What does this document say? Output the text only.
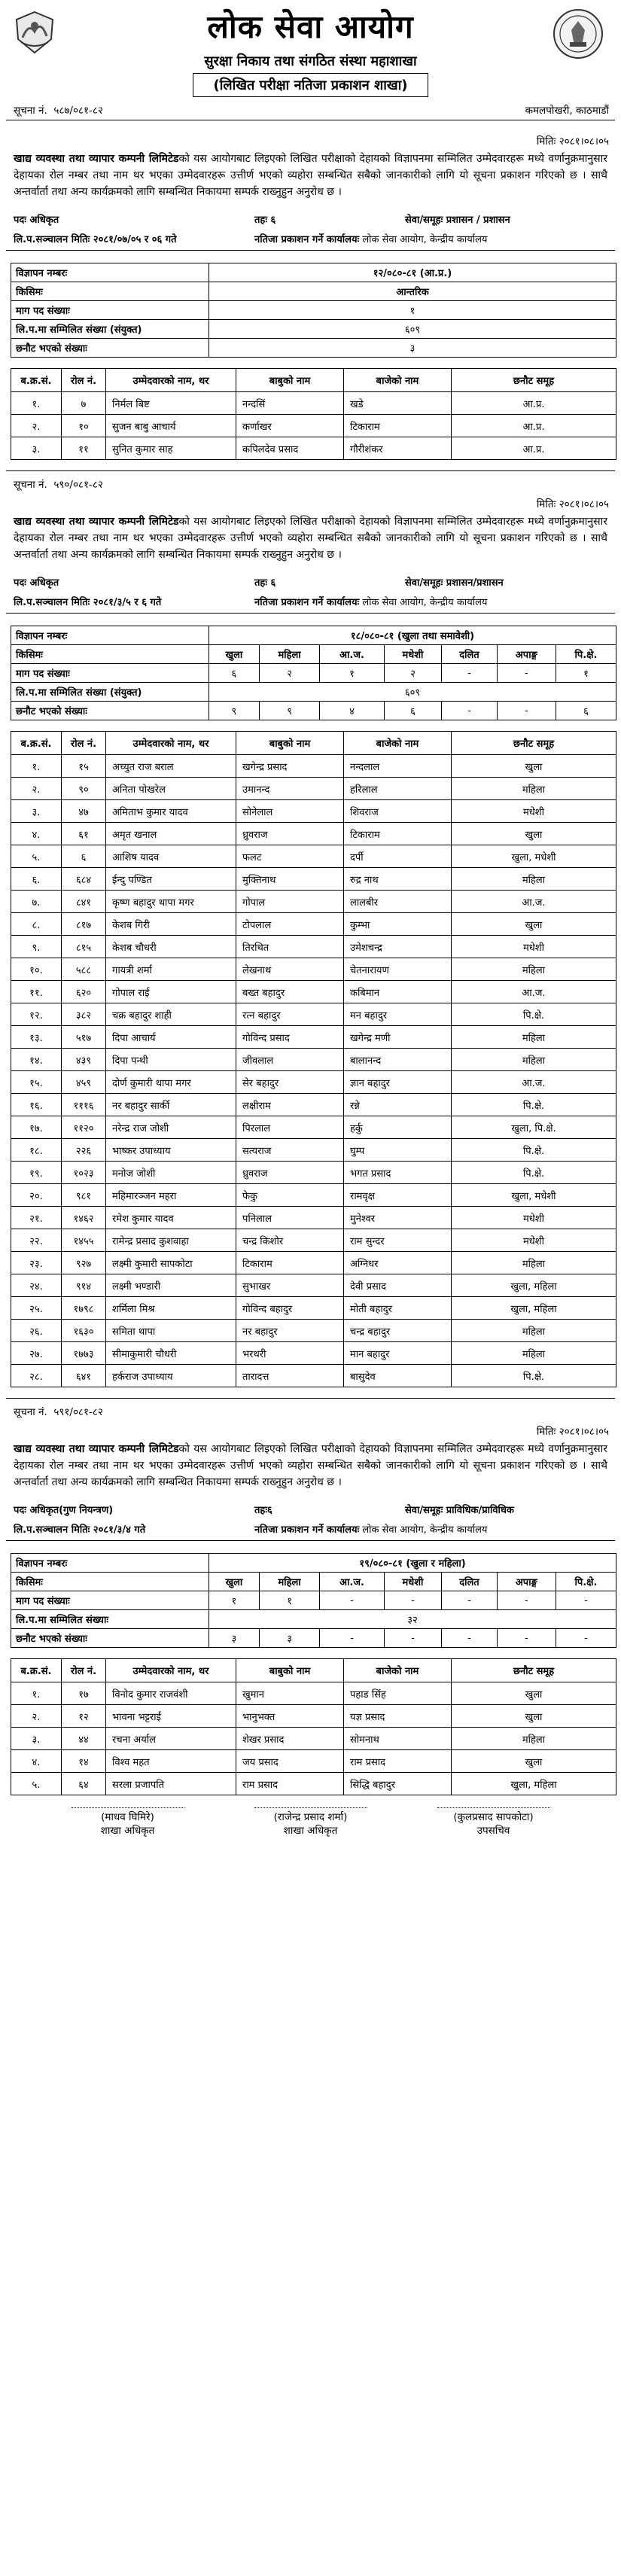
लोक सेवा आयोग
सुरक्षा निकाय तथा संगठित संस्था महाशाखा
(लिखित परीक्षा नतिजा प्रकाशन शाखा)
सूचना नं. ५८७/०८१-८२	कमलपोखरी, काठमाडौं
मितिः २०८१।०८।०५
खाद्य व्यवस्था तथा व्यापार कम्पनी लिमिटेडको यस आयोगबाट लिइएको लिखित परीक्षाको देहायको विज्ञापनमा सम्मिलित उम्मेदवारहरू मध्ये वर्णानुक्रमानुसार देहायका रोल नम्बर तथा नाम थर भएका उम्मेदवारहरू उत्तीर्ण भएको व्यहोरा सम्बन्धित सबैको जानकारीको लागि यो सूचना प्रकाशन गरिएको छ । साथै अन्तर्वार्ता तथा अन्य कार्यक्रमको लागि सम्बन्धित निकायमा सम्पर्क राख्नुहुन अनुरोध छ ।
पदः अधिकृत	तहः ६	सेवा/समूहः प्रशासन / प्रशासन
लि.प.सञ्चालन मितिः २०८१/०७/०५ र ०६ गते	नतिजा प्रकाशन गर्ने कार्यालयः लोक सेवा आयोग, केन्द्रीय कार्यालय
विज्ञापन नम्बरः	१२/०८०-८१ (आ.प्र.)
किसिमः	आन्तरिक
माग पद संख्याः	१
लि.प.मा सम्मिलित संख्या (संयुक्त)	६०९
छनौट भएको संख्याः	३
ब.क्र.सं.	रोल नं.	उम्मेदवारको नाम, थर	बाबुको नाम	बाजेको नाम	छनौट समूह
१.	७	निर्मल बिष्ट	नन्दसिं	खडे	आ.प्र.
२.	१०	सुजन बाबु आचार्य	कर्णाखर	टिकाराम	आ.प्र.
३.	११	सुनित कुमार साह	कपिलदेव प्रसाद	गौरीशंकर	आ.प्र.
सूचना नं. ५९०/०८१-८२
मितिः २०८१।०८।०५
खाद्य व्यवस्था तथा व्यापार कम्पनी लिमिटेडको यस आयोगबाट लिइएको लिखित परीक्षाको देहायको विज्ञापनमा सम्मिलित उम्मेदवारहरू मध्ये वर्णानुक्रमानुसार देहायका रोल नम्बर तथा नाम थर भएका उम्मेदवारहरू उत्तीर्ण भएको व्यहोरा सम्बन्धित सबैको जानकारीको लागि यो सूचना प्रकाशन गरिएको छ । साथै अन्तर्वार्ता तथा अन्य कार्यक्रमको लागि सम्बन्धित निकायमा सम्पर्क राख्नुहुन अनुरोध छ ।
पदः अधिकृत	तहः ६	सेवा/समूहः प्रशासन/प्रशासन
लि.प.सञ्चालन मितिः २०८१/३/५ र ६ गते	नतिजा प्रकाशन गर्ने कार्यालयः लोक सेवा आयोग, केन्द्रीय कार्यालय
विज्ञापन नम्बरः	१८/०८०-८१ (खुला तथा समावेशी)						
किसिमः	खुला	महिला	आ.ज.	मधेशी	दलित	अपाङ्ग	पि.क्षे.
माग पद संख्याः	६	२	१	२	-	-	१
लि.प.मा सम्मिलित संख्या (संयुक्त)	६०९						
छनौट भएको संख्याः	९	९	४	६	-	-	६
ब.क्र.सं.	रोल नं.	उम्मेदवारको नाम, थर	बाबुको नाम	बाजेको नाम	छनौट समूह
१.	१५	अच्युत राज बराल	खगेन्द्र प्रसाद	नन्दलाल	खुला
२.	९०	अनिता पोखरेल	उमानन्द	हरिलाल	महिला
३.	४७	अमिताभ कुमार यादव	सोनेलाल	शिवराज	मधेशी
४.	६१	अमृत खनाल	ध्रुवराज	टिकाराम	खुला
५.	६	आशिष यादव	फलट	दर्पी	खुला, मधेशी
६.	६८४	ईन्दु पण्डित	मुक्तिनाथ	रुद्र नाथ	महिला
७.	८४१	कृष्ण बहादुर थापा मगर	गोपाल	लालबीर	आ.ज.
८.	८१७	केशब गिरी	टोपलाल	कुम्भा	खुला
९.	८१५	केशब चौधरी	तिरथित	उमेशचन्द्र	मधेशी
१०.	५८८	गायत्री शर्मा	लेखनाथ	चेतनारायण	महिला
११.	६२०	गोपाल राई	बख्त बहादुर	कबिमान	आ.ज.
१२.	३८२	चक्र बहादुर शाही	रत्न बहादुर	मन बहादुर	पि.क्षे.
१३.	५१७	दिपा आचार्य	गोविन्द प्रसाद	खगेन्द्र मणी	महिला
१४.	४३९	दिपा पन्थी	जीवलाल	बालानन्द	महिला
१५.	४५९	दोर्ण कुमारी थापा मगर	सेर बहादुर	ज्ञान बहादुर	आ.ज.
१६.	१११६	नर बहादुर सार्की	लक्षीराम	रन्ने	पि.क्षे.
१७.	११२०	नरेन्द्र राज जोशी	पिरलाल	हर्कु	खुला, पि.क्षे.
१८.	२२६	भाष्कर उपाध्याय	सत्यराज	घुम्प	पि.क्षे.
१९.	१०२३	मनोज जोशी	ध्रुवराज	भगत प्रसाद	पि.क्षे.
२०.	९८१	महिमारञ्जन महरा	फेकु	रामवृक्ष	खुला, मधेशी
२१.	१४६२	रमेश कुमार यादव	पनिलाल	मुनेश्वर	मधेशी
२२.	१४५५	रामेन्द्र प्रसाद कुशवाहा	चन्द्र किशोर	राम सुन्दर	मधेशी
२३.	९२७	लक्ष्मी कुमारी सापकोटा	टिकाराम	अग्निधर	महिला
२४.	९१४	लक्ष्मी भण्डारी	सुभाखर	देवी प्रसाद	खुला, महिला
२५.	१७९८	शर्मिला मिश्र	गोविन्द बहादुर	मोती बहादुर	खुला, महिला
२६.	१६३०	समिता थापा	नर बहादुर	चन्द्र बहादुर	महिला
२७.	१७७३	सीमाकुमारी चौधरी	भरथरी	मान बहादुर	महिला
२८.	६४१	हर्कराज उपाध्याय	तारादत्त	बासुदेव	पि.क्षे.
सूचना नं. ५९१/०८१-८२
मितिः २०८१।०८।०५
खाद्य व्यवस्था तथा व्यापार कम्पनी लिमिटेडको यस आयोगबाट लिइएको लिखित परीक्षाको देहायको विज्ञापनमा सम्मिलित उम्मेदवारहरू मध्ये वर्णानुक्रमानुसार देहायका रोल नम्बर तथा नाम थर भएका उम्मेदवारहरू उत्तीर्ण भएको व्यहोरा सम्बन्धित सबैको जानकारीको लागि यो सूचना प्रकाशन गरिएको छ । साथै अन्तर्वार्ता तथा अन्य कार्यक्रमको लागि सम्बन्धित निकायमा सम्पर्क राख्नुहुन अनुरोध छ ।
पदः अधिकृत(गुण नियन्त्रण)	तहः६	सेवा/समूहः प्राविधिक/प्राविधिक
लि.प.सञ्चालन मितिः २०८१/३/४ गते	नतिजा प्रकाशन गर्ने कार्यालयः लोक सेवा आयोग, केन्द्रीय कार्यालय
विज्ञापन नम्बरः	१९/०८०-८१ (खुला र महिला)						
किसिमः	खुला	महिला	आ.ज.	मधेशी	दलित	अपाङ्ग	पि.क्षे.
माग पद संख्याः	१	१	-	-	-	-	-
लि.प.मा सम्मिलित संख्याः	३२						
छनौट भएको संख्याः	३	३	-	-	-	-	-
ब.क्र.सं.	रोल नं.	उम्मेदवारको नाम, थर	बाबुको नाम	बाजेको नाम	छनौट समूह
१.	१७	विनोद कुमार राजवंशी	खुमान	पहाड सिंह	खुला
२.	१२	भावना भट्टराई	भानुभक्त	यज्ञ प्रसाद	खुला
३.	४४	रचना अर्याल	शेखर प्रसाद	सोमनाथ	महिला
४.	१४	विश्व महत	जय प्रसाद	राम प्रसाद	खुला
५.	६४	सरला प्रजापति	राम प्रसाद	सिद्धि बहादुर	खुला, महिला
(माधव घिमिरे)
शाखा अधिकृत
(राजेन्द्र प्रसाद शर्मा)
शाखा अधिकृत
(कुलप्रसाद सापकोटा)
उपसचिव
